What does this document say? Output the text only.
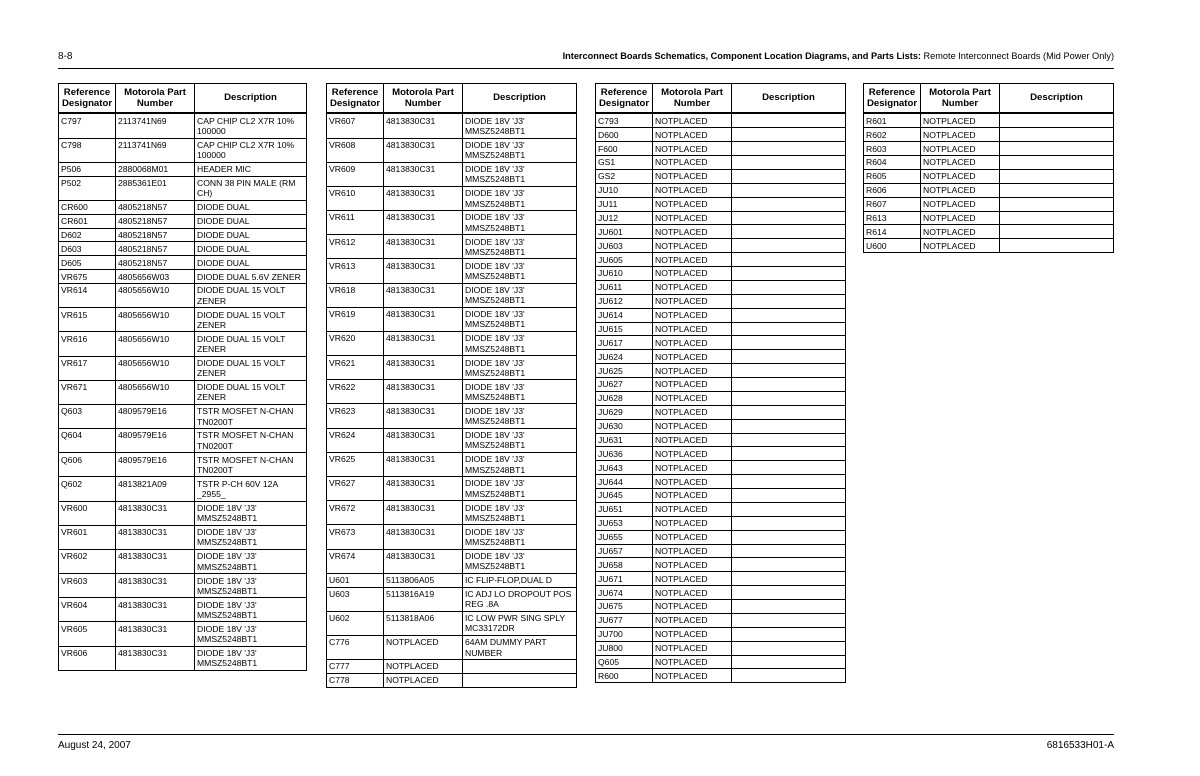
8-8	Interconnect Boards Schematics, Component Location Diagrams, and Parts Lists: Remote Interconnect Boards (Mid Power Only)
Reference Designator	Motorola Part Number	Description
C797	2113741N69	CAP CHIP CL2 X7R 10% 100000
C798	2113741N69	CAP CHIP CL2 X7R 10% 100000
P506	2880068M01	HEADER MIC
P502	2885361E01	CONN 38 PIN MALE (RM CH)
CR600	4805218N57	DIODE DUAL
CR601	4805218N57	DIODE DUAL
D602	4805218N57	DIODE DUAL
D603	4805218N57	DIODE DUAL
D605	4805218N57	DIODE DUAL
VR675	4805656W03	DIODE DUAL 5.6V ZENER
VR614	4805656W10	DIODE DUAL 15 VOLT ZENER
VR615	4805656W10	DIODE DUAL 15 VOLT ZENER
VR616	4805656W10	DIODE DUAL 15 VOLT ZENER
VR617	4805656W10	DIODE DUAL 15 VOLT ZENER
VR671	4805656W10	DIODE DUAL 15 VOLT ZENER
Q603	4809579E16	TSTR MOSFET N-CHAN TN0200T
Q604	4809579E16	TSTR MOSFET N-CHAN TN0200T
Q606	4809579E16	TSTR MOSFET N-CHAN TN0200T
Q602	4813821A09	TSTR P-CH 60V 12A _2955_
VR600	4813830C31	DIODE 18V 'J3' MMSZ5248BT1
VR601	4813830C31	DIODE 18V 'J3' MMSZ5248BT1
VR602	4813830C31	DIODE 18V 'J3' MMSZ5248BT1
VR603	4813830C31	DIODE 18V 'J3' MMSZ5248BT1
VR604	4813830C31	DIODE 18V 'J3' MMSZ5248BT1
VR605	4813830C31	DIODE 18V 'J3' MMSZ5248BT1
VR606	4813830C31	DIODE 18V 'J3' MMSZ5248BT1
Reference Designator	Motorola Part Number	Description
VR607	4813830C31	DIODE 18V 'J3' MMSZ5248BT1
VR608	4813830C31	DIODE 18V 'J3' MMSZ5248BT1
VR609	4813830C31	DIODE 18V 'J3' MMSZ5248BT1
VR610	4813830C31	DIODE 18V 'J3' MMSZ5248BT1
VR611	4813830C31	DIODE 18V 'J3' MMSZ5248BT1
VR612	4813830C31	DIODE 18V 'J3' MMSZ5248BT1
VR613	4813830C31	DIODE 18V 'J3' MMSZ5248BT1
VR618	4813830C31	DIODE 18V 'J3' MMSZ5248BT1
VR619	4813830C31	DIODE 18V 'J3' MMSZ5248BT1
VR620	4813830C31	DIODE 18V 'J3' MMSZ5248BT1
VR621	4813830C31	DIODE 18V 'J3' MMSZ5248BT1
VR622	4813830C31	DIODE 18V 'J3' MMSZ5248BT1
VR623	4813830C31	DIODE 18V 'J3' MMSZ5248BT1
VR624	4813830C31	DIODE 18V 'J3' MMSZ5248BT1
VR625	4813830C31	DIODE 18V 'J3' MMSZ5248BT1
VR627	4813830C31	DIODE 18V 'J3' MMSZ5248BT1
VR672	4813830C31	DIODE 18V 'J3' MMSZ5248BT1
VR673	4813830C31	DIODE 18V 'J3' MMSZ5248BT1
VR674	4813830C31	DIODE 18V 'J3' MMSZ5248BT1
U601	5113806A05	IC FLIP-FLOP,DUAL D
U603	5113816A19	IC ADJ LO DROPOUT POS REG .8A
U602	5113818A06	IC LOW PWR SING SPLY MC33172DR
C776	NOTPLACED	64AM DUMMY PART NUMBER
C777	NOTPLACED	
C778	NOTPLACED	
Reference Designator	Motorola Part Number	Description
C793	NOTPLACED	
D600	NOTPLACED	
F600	NOTPLACED	
GS1	NOTPLACED	
GS2	NOTPLACED	
JU10	NOTPLACED	
JU11	NOTPLACED	
JU12	NOTPLACED	
JU601	NOTPLACED	
JU603	NOTPLACED	
JU605	NOTPLACED	
JU610	NOTPLACED	
JU611	NOTPLACED	
JU612	NOTPLACED	
JU614	NOTPLACED	
JU615	NOTPLACED	
JU617	NOTPLACED	
JU624	NOTPLACED	
JU625	NOTPLACED	
JU627	NOTPLACED	
JU628	NOTPLACED	
JU629	NOTPLACED	
JU630	NOTPLACED	
JU631	NOTPLACED	
JU636	NOTPLACED	
JU643	NOTPLACED	
JU644	NOTPLACED	
JU645	NOTPLACED	
JU651	NOTPLACED	
JU653	NOTPLACED	
JU655	NOTPLACED	
JU657	NOTPLACED	
JU658	NOTPLACED	
JU671	NOTPLACED	
JU674	NOTPLACED	
JU675	NOTPLACED	
JU677	NOTPLACED	
JU700	NOTPLACED	
JU800	NOTPLACED	
Q605	NOTPLACED	
R600	NOTPLACED	
Reference Designator	Motorola Part Number	Description
R601	NOTPLACED	
R602	NOTPLACED	
R603	NOTPLACED	
R604	NOTPLACED	
R605	NOTPLACED	
R606	NOTPLACED	
R607	NOTPLACED	
R613	NOTPLACED	
R614	NOTPLACED	
U600	NOTPLACED	
August 24, 2007	6816533H01-A
